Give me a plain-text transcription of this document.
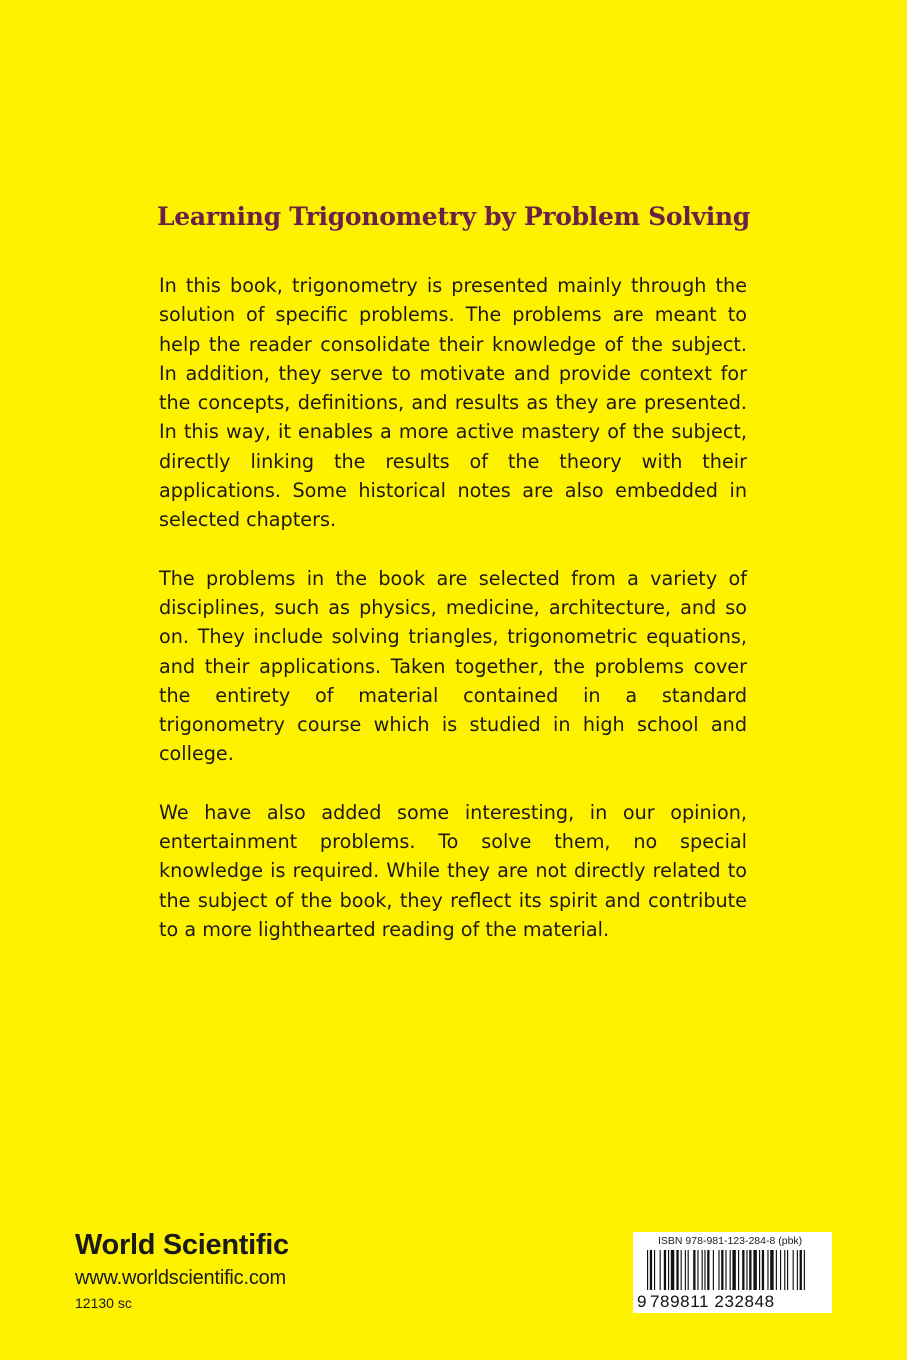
Learning Trigonometry by Problem Solving

In this book, trigonometry is presented mainly through the solution of specific problems. The problems are meant to help the reader consolidate their knowledge of the subject. In addition, they serve to motivate and provide context for the concepts, definitions, and results as they are presented. In this way, it enables a more active mastery of the subject, directly linking the results of the theory with their applications. Some historical notes are also embedded in selected chapters.

The problems in the book are selected from a variety of disciplines, such as physics, medicine, architecture, and so on. They include solving triangles, trigonometric equations, and their applications. Taken together, the problems cover the entirety of material contained in a standard trigonometry course which is studied in high school and college.

We have also added some interesting, in our opinion, entertainment problems. To solve them, no special knowledge is required. While they are not directly related to the subject of the book, they reflect its spirit and contribute to a more lighthearted reading of the material.

World Scientific
www.worldscientific.com
12130 sc
ISBN 978-981-123-284-8 (pbk)
9 789811 232848
